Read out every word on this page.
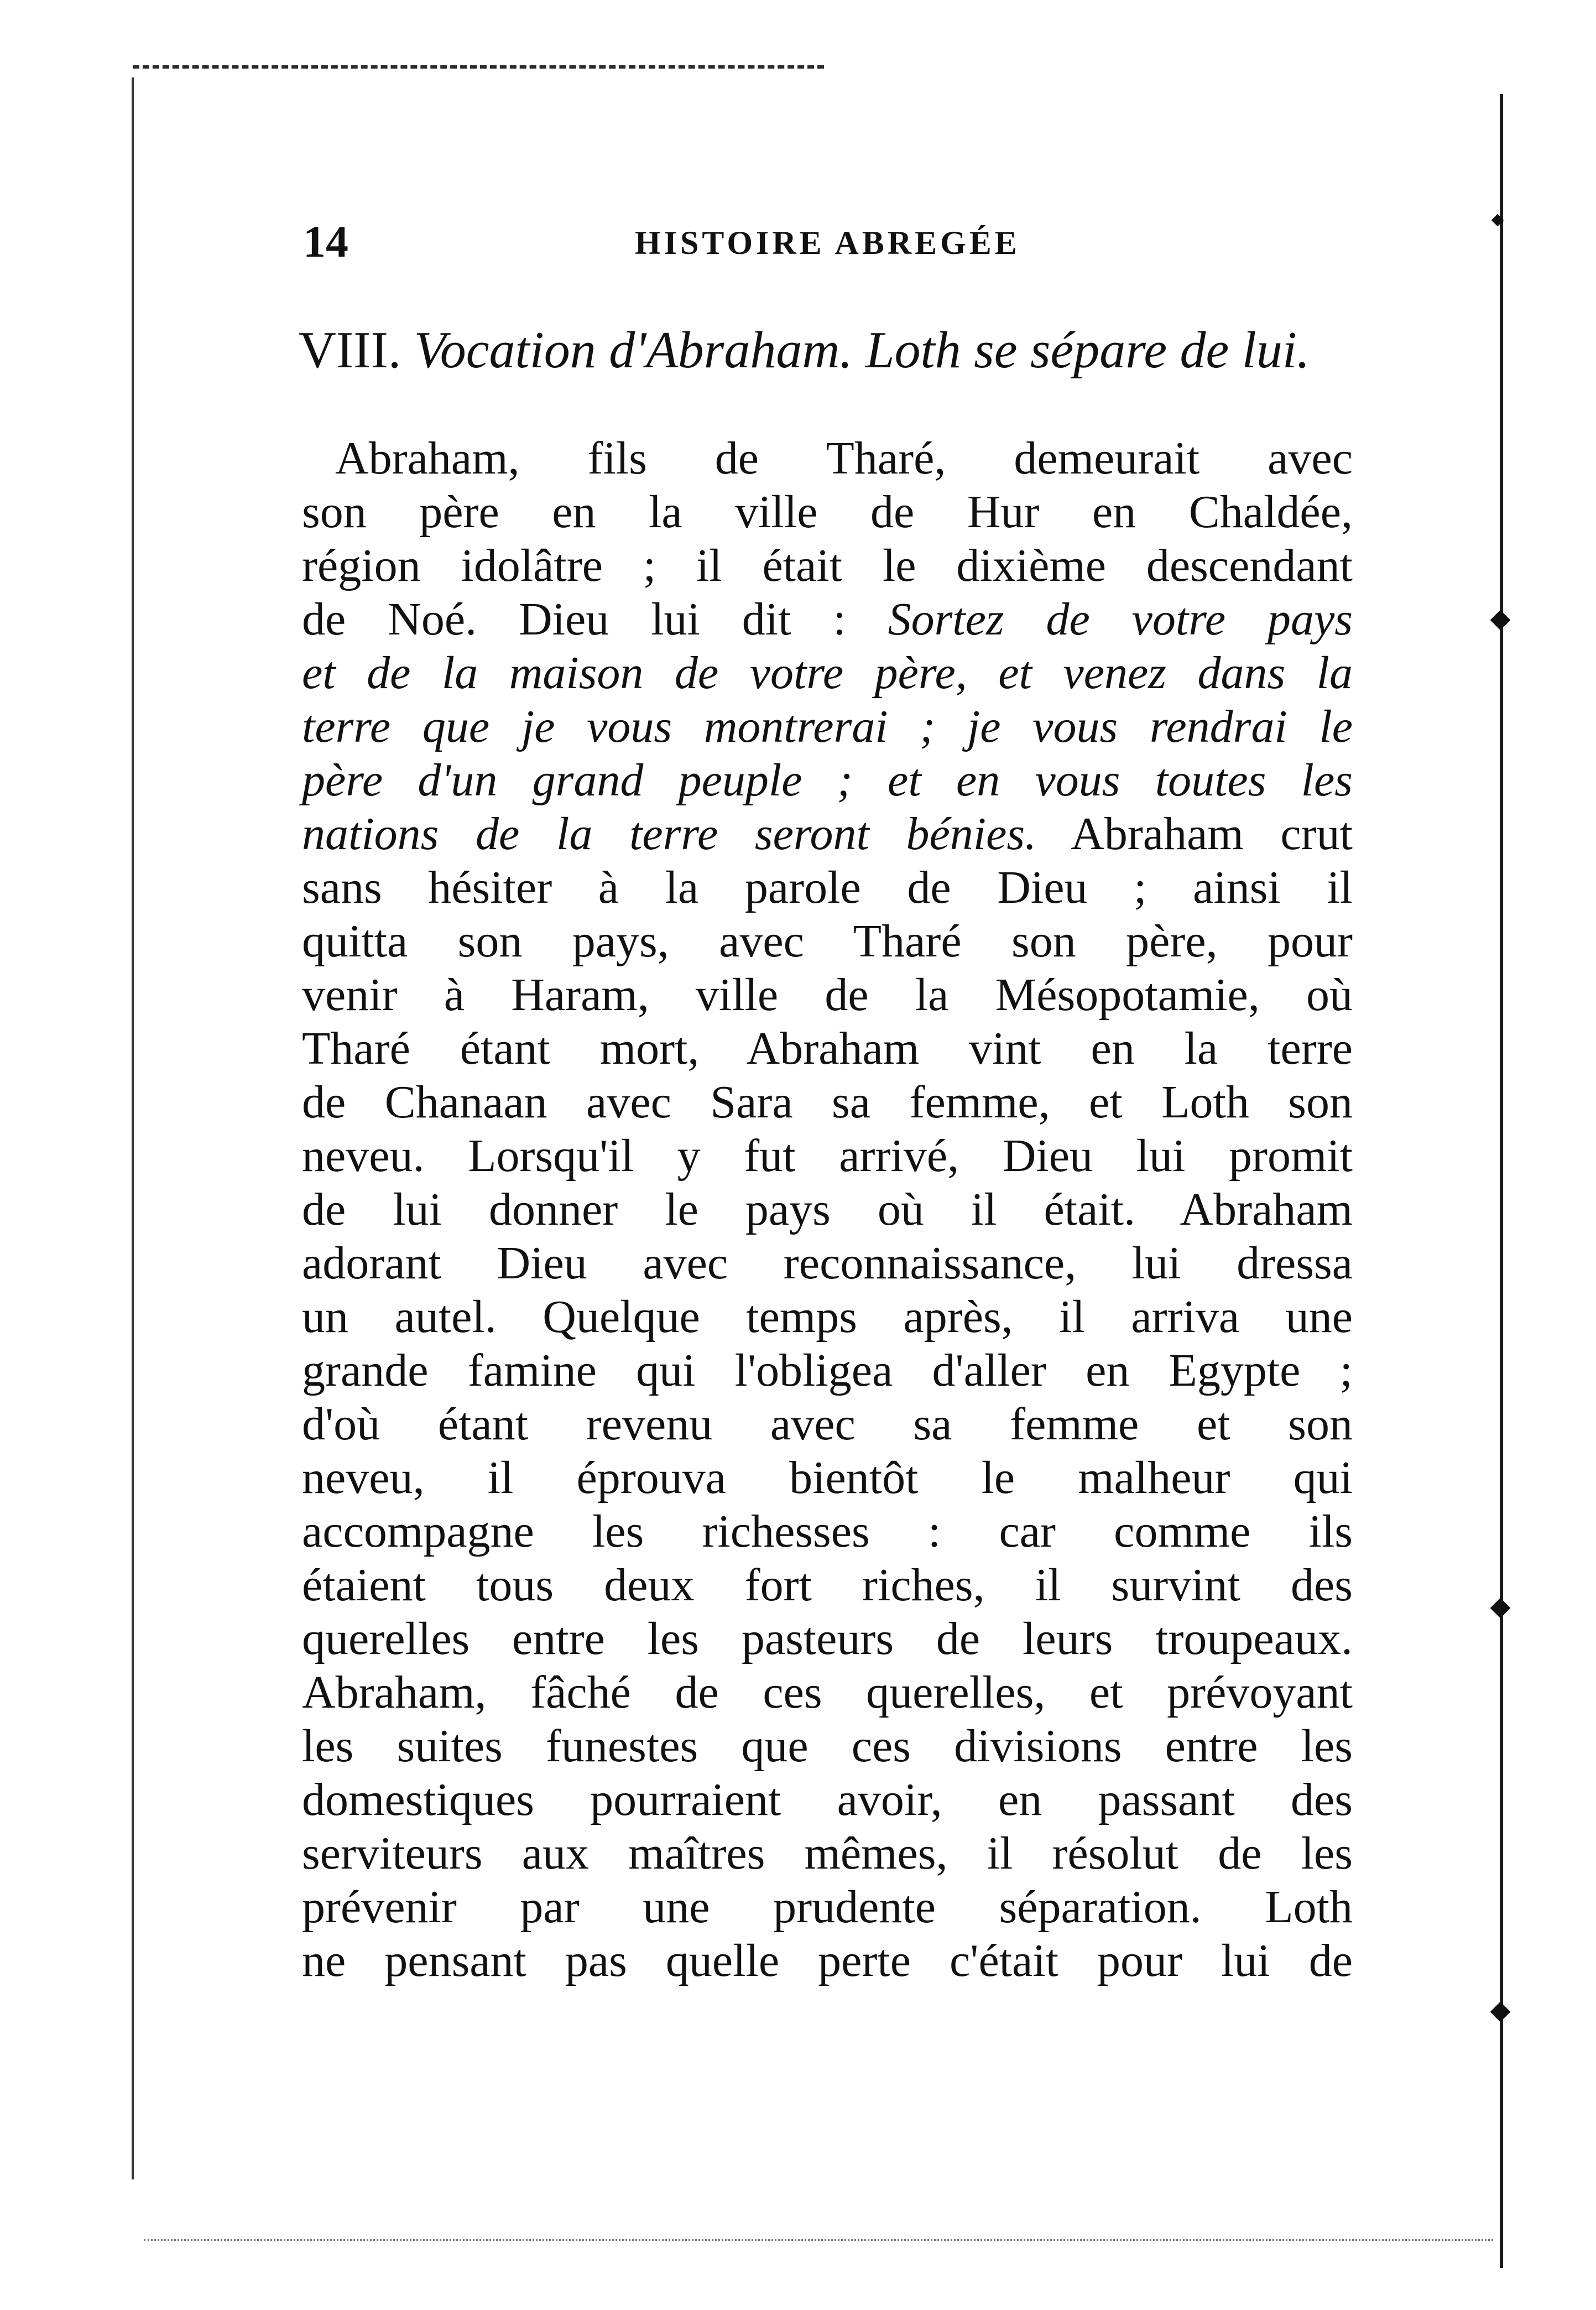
14	HISTOIRE ABREGÉE
VIII. Vocation d'Abraham. Loth se sépare de lui.
Abraham, fils de Tharé, demeurait avec
son père en la ville de Hur en Chaldée,
région idolâtre ; il était le dixième descendant
de Noé. Dieu lui dit : Sortez de votre pays
et de la maison de votre père, et venez dans la
terre que je vous montrerai ; je vous rendrai le
père d'un grand peuple ; et en vous toutes les
nations de la terre seront bénies. Abraham crut
sans hésiter à la parole de Dieu ; ainsi il
quitta son pays, avec Tharé son père, pour
venir à Haram, ville de la Mésopotamie, où
Tharé étant mort, Abraham vint en la terre
de Chanaan avec Sara sa femme, et Loth son
neveu. Lorsqu'il y fut arrivé, Dieu lui promit
de lui donner le pays où il était. Abraham
adorant Dieu avec reconnaissance, lui dressa
un autel. Quelque temps après, il arriva une
grande famine qui l'obligea d'aller en Egypte ;
d'où étant revenu avec sa femme et son
neveu, il éprouva bientôt le malheur qui
accompagne les richesses : car comme ils
étaient tous deux fort riches, il survint des
querelles entre les pasteurs de leurs troupeaux.
Abraham, fâché de ces querelles, et prévoyant
les suites funestes que ces divisions entre les
domestiques pourraient avoir, en passant des
serviteurs aux maîtres mêmes, il résolut de les
prévenir par une prudente séparation. Loth
ne pensant pas quelle perte c'était pour lui de
